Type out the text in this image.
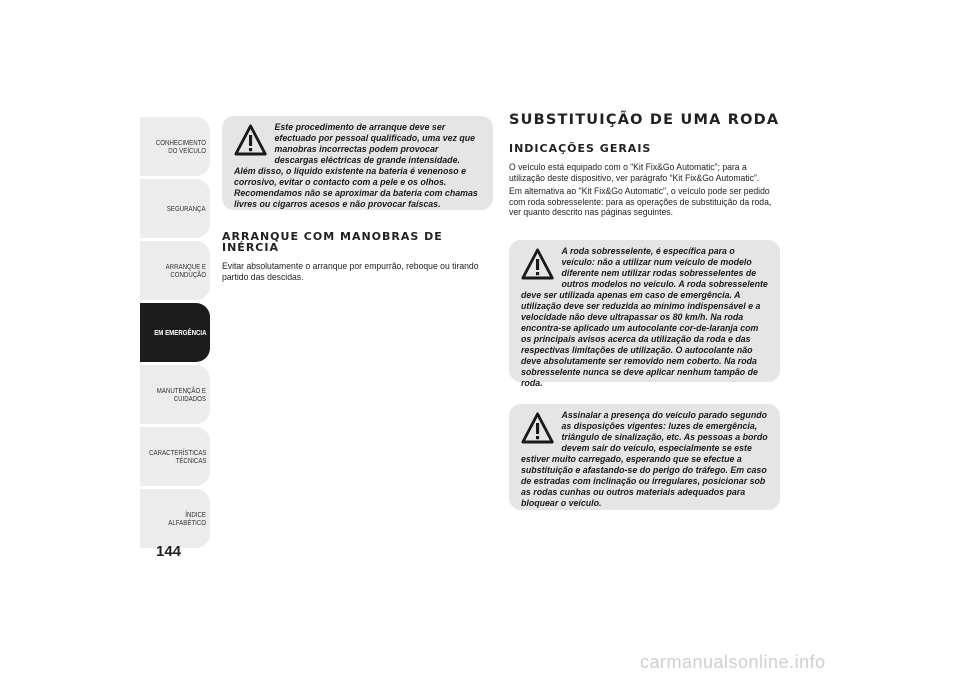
CONHECIMENTO DO VEÍCULO
SEGURANÇA
ARRANQUE E CONDUÇÃO
EM EMERGÊNCIA
MANUTENÇÃO E CUIDADOS
CARACTERÍSTICAS TÉCNICAS
ÍNDICE ALFABÉTICO
144

Este procedimento de arranque deve ser efectuado por pessoal qualificado, uma vez que manobras incorrectas podem provocar descargas eléctricas de grande intensidade. Além disso, o líquido existente na bateria é venenoso e corrosivo, evitar o contacto com a pele e os olhos. Recomendamos não se aproximar da bateria com chamas livres ou cigarros acesos e não provocar faíscas.

ARRANQUE COM MANOBRAS DE INÉRCIA
Evitar absolutamente o arranque por empurrão, reboque ou tirando partido das descidas.
SUBSTITUIÇÃO DE UMA RODA
INDICAÇÕES GERAIS
O veículo está equipado com o “Kit Fix&Go Automatic”; para a utilização deste dispositivo, ver parágrafo “Kit Fix&Go Automatic”.
Em alternativa ao "Kit Fix&Go Automatic", o veículo pode ser pedido com roda sobresselente: para as operações de substituição da roda, ver quanto descrito nas páginas seguintes.

A roda sobresselente, é específica para o veículo: não a utilizar num veículo de modelo diferente nem utilizar rodas sobresselentes de outros modelos no veículo. A roda sobresselente deve ser utilizada apenas em caso de emergência. A utilização deve ser reduzida ao mínimo indispensável e a velocidade não deve ultrapassar os 80 km/h. Na roda encontra-se aplicado um autocolante cor-de-laranja com os principais avisos acerca da utilização da roda e das respectivas limitações de utilização. O autocolante não deve absolutamente ser removido nem coberto. Na roda sobresselente nunca se deve aplicar nenhum tampão de roda.

Assinalar a presença do veículo parado segundo as disposições vigentes: luzes de emergência, triângulo de sinalização, etc. As pessoas a bordo devem sair do veículo, especialmente se este estiver muito carregado, esperando que se efectue a substituição e afastando-se do perigo do tráfego. Em caso de estradas com inclinação ou irregulares, posicionar sob as rodas cunhas ou outros materiais adequados para bloquear o veículo.

carmanualsonline.info
